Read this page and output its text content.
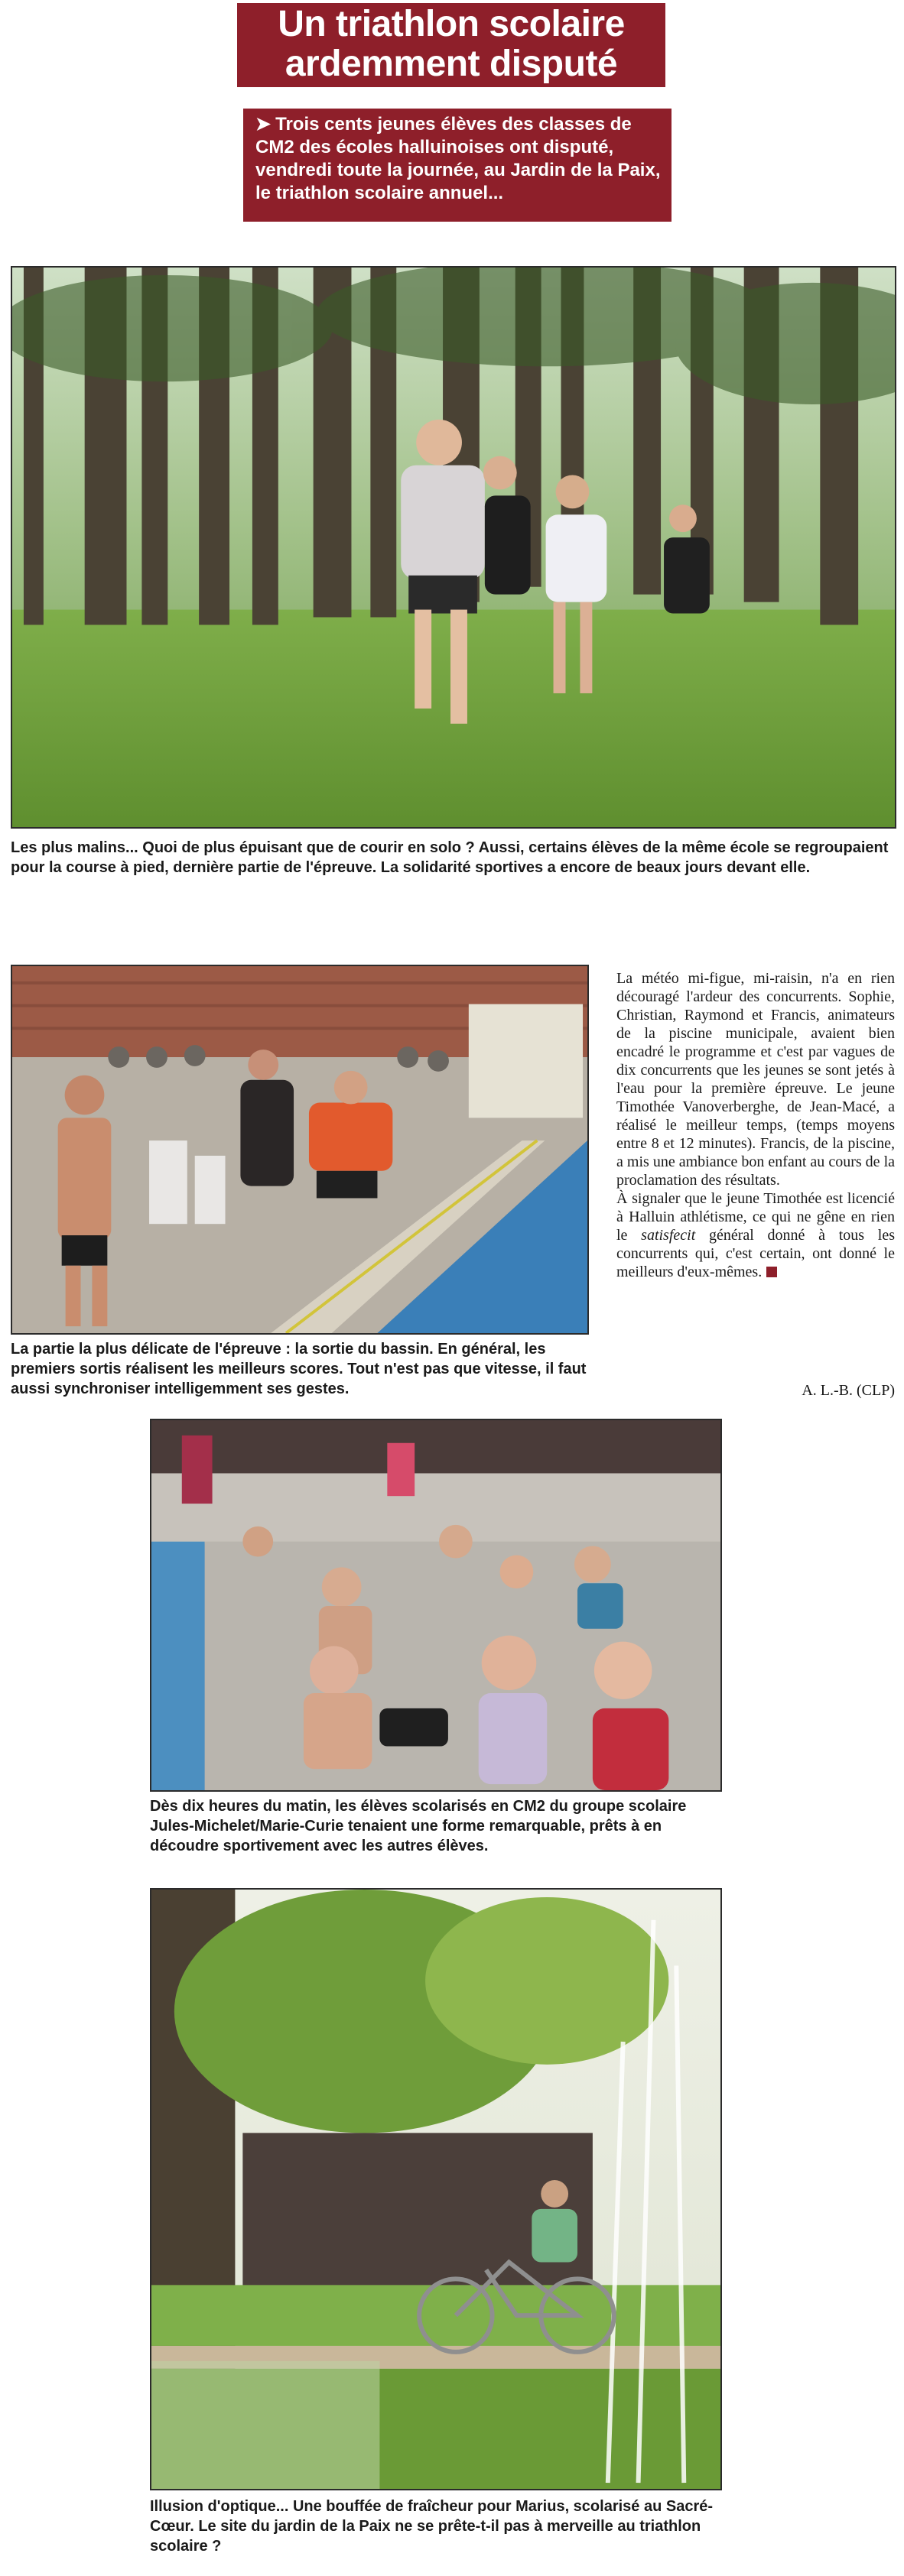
Un triathlon scolaire
ardemment disputé
➤ Trois cents jeunes élèves des classes de CM2 des écoles halluinoises ont disputé, vendredi toute la journée, au Jardin de la Paix, le triathlon scolaire annuel...
Les plus malins... Quoi de plus épuisant que de courir en solo ? Aussi, certains élèves de la même école se regroupaient pour la course à pied, dernière partie de l'épreuve. La solidarité sportives a encore de beaux jours devant elle.
La partie la plus délicate de l'épreuve : la sortie du bassin. En général, les premiers sortis réalisent les meilleurs scores. Tout n'est pas que vitesse, il faut aussi synchroniser intelligemment ses gestes.
La météo mi-figue, mi-raisin, n'a en rien découragé l'ardeur des concurrents. Sophie, Christian, Raymond et Francis, animateurs de la piscine municipale, avaient bien encadré le programme et c'est par vagues de dix concurrents que les jeunes se sont jetés à l'eau pour la première épreuve. Le jeune Timothée Vanoverberghe, de Jean-Macé, a réalisé le meilleur temps, (temps moyens entre 8 et 12 minutes). Francis, de la piscine, a mis une ambiance bon enfant au cours de la proclamation des résultats.
À signaler que le jeune Timothée est licencié à Halluin athlétisme, ce qui ne gêne en rien le satisfecit général donné à tous les concurrents qui, c'est certain, ont donné le meilleurs d'eux-mêmes.
A. L.-B. (CLP)
Dès dix heures du matin, les élèves scolarisés en CM2 du groupe scolaire Jules-Michelet/Marie-Curie tenaient une forme remarquable, prêts à en découdre sportivement avec les autres élèves.
Illusion d'optique... Une bouffée de fraîcheur pour Marius, scolarisé au Sacré-Cœur. Le site du jardin de la Paix ne se prête-t-il pas à merveille au triathlon scolaire ?
